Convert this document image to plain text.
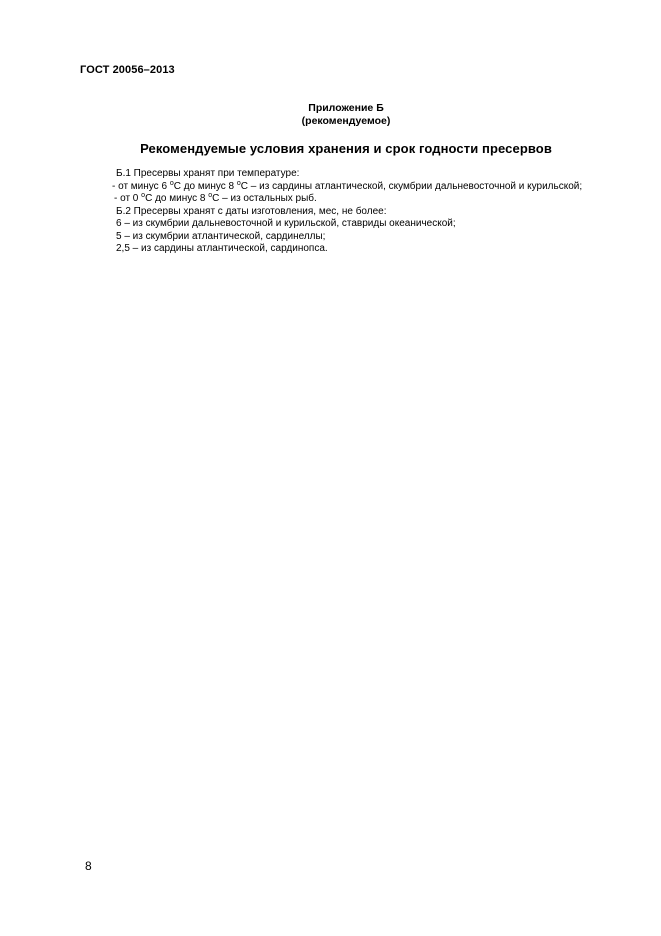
ГОСТ 20056–2013
Приложение Б
(рекомендуемое)
Рекомендуемые условия хранения и срок годности пресервов

Б.1 Пресервы хранят при температуре:

- от минус 6 $^о$С до минус 8 $^о$С – из сардины атлантической, скумбрии дальневосточной и курильской;

- от 0 $^о$С до минус 8 $^о$С – из остальных рыб.

Б.2 Пресервы хранят с даты изготовления, мес, не более:

6 – из скумбрии дальневосточной и курильской, ставриды океанической;

5 – из скумбрии атлантической, сардинеллы;

2,5 – из сардины атлантической, сардинопса.

8
